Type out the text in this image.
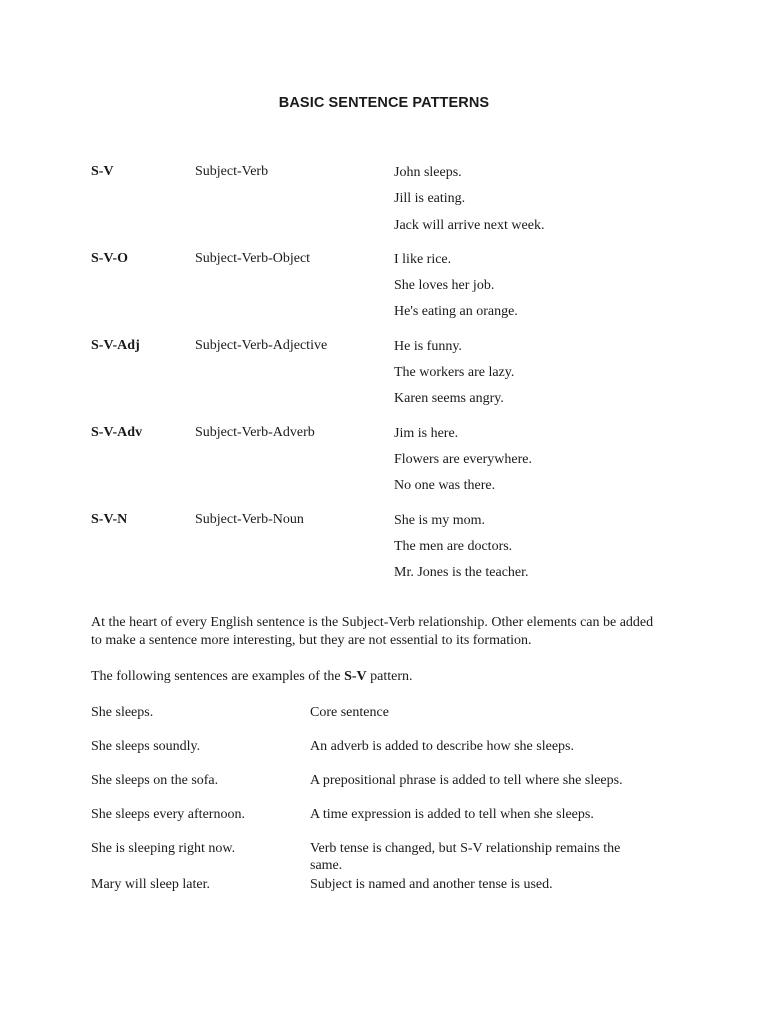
BASIC SENTENCE PATTERNS
S-V	Subject-Verb	John sleeps.
Jill is eating.
Jack will arrive next week.
S-V-O	Subject-Verb-Object	I like rice.
She loves her job.
He's eating an orange.
S-V-Adj	Subject-Verb-Adjective	He is funny.
The workers are lazy.
Karen seems angry.
S-V-Adv	Subject-Verb-Adverb	Jim is here.
Flowers are everywhere.
No one was there.
S-V-N	Subject-Verb-Noun	She is my mom.
The men are doctors.
Mr. Jones is the teacher.
At the heart of every English sentence is the Subject-Verb relationship. Other elements can be added to make a sentence more interesting, but they are not essential to its formation.
The following sentences are examples of the S-V pattern.
She sleeps.	Core sentence
She sleeps soundly.	An adverb is added to describe how she sleeps.
She sleeps on the sofa.	A prepositional phrase is added to tell where she sleeps.
She sleeps every afternoon.	A time expression is added to tell when she sleeps.
She is sleeping right now.	Verb tense is changed, but S-V relationship remains the same.
Mary will sleep later.	Subject is named and another tense is used.
